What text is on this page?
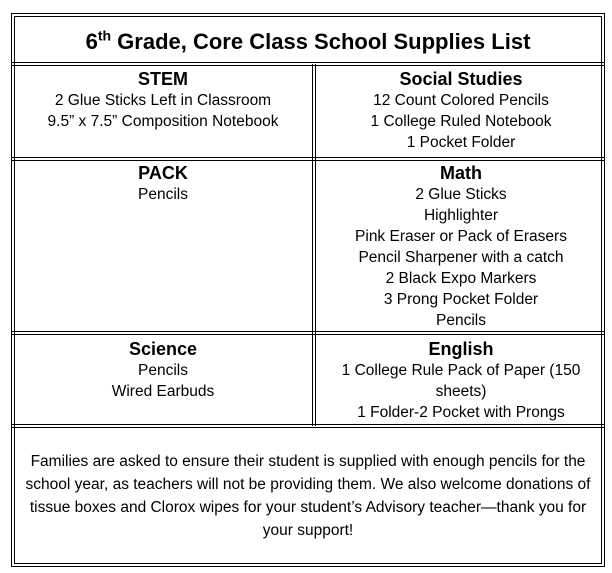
6th Grade, Core Class School Supplies List
STEM
2 Glue Sticks Left in Classroom
9.5” x 7.5” Composition Notebook
Social Studies
12 Count Colored Pencils
1 College Ruled Notebook
1 Pocket Folder
PACK
Pencils
Math
2 Glue Sticks
Highlighter
Pink Eraser or Pack of Erasers
Pencil Sharpener with a catch
2 Black Expo Markers
3 Prong Pocket Folder
Pencils
Science
Pencils
Wired Earbuds
English
1 College Rule Pack of Paper (150 sheets)
1 Folder-2 Pocket with Prongs
Families are asked to ensure their student is supplied with enough pencils for the school year, as teachers will not be providing them. We also welcome donations of tissue boxes and Clorox wipes for your student’s Advisory teacher—thank you for your support!
